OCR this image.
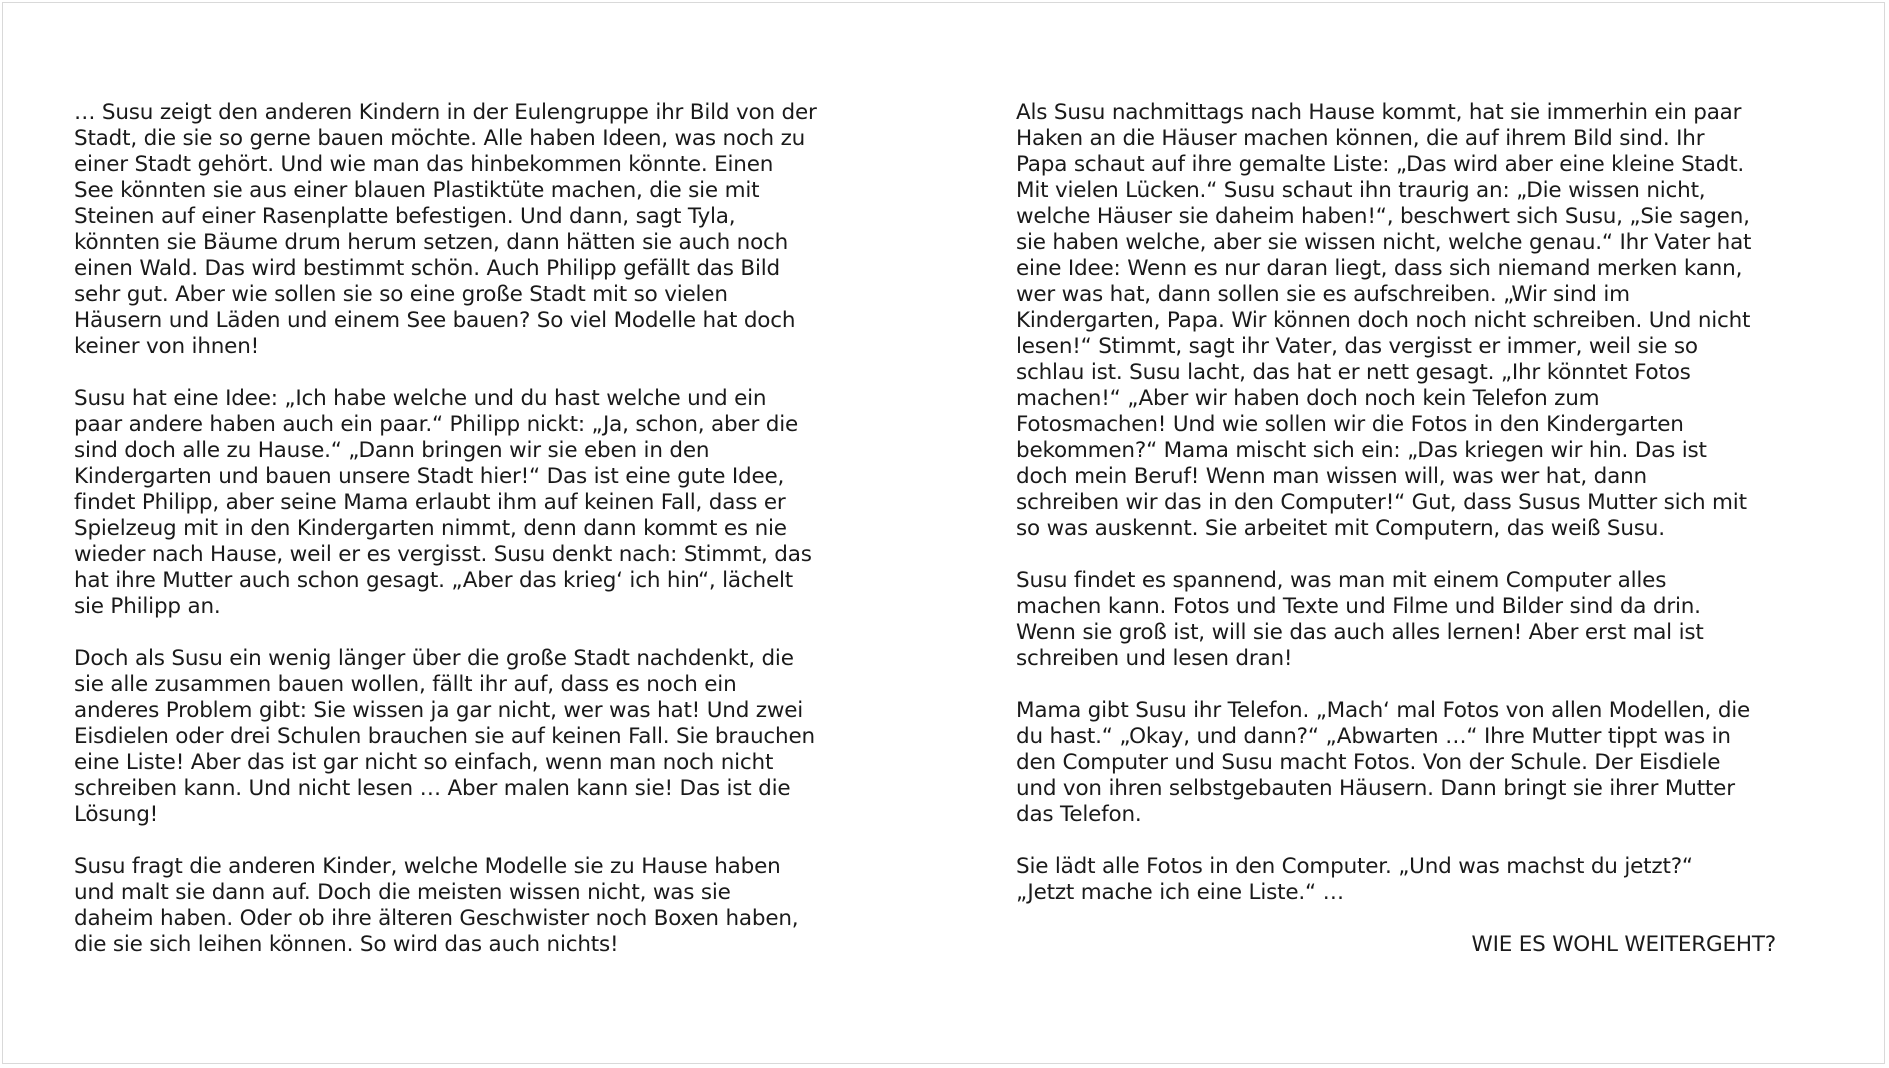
… Susu zeigt den anderen Kindern in der Eulengruppe ihr Bild von der
Stadt, die sie so gerne bauen möchte. Alle haben Ideen, was noch zu
einer Stadt gehört. Und wie man das hinbekommen könnte. Einen
See könnten sie aus einer blauen Plastiktüte machen, die sie mit
Steinen auf einer Rasenplatte befestigen. Und dann, sagt Tyla,
könnten sie Bäume drum herum setzen, dann hätten sie auch noch
einen Wald. Das wird bestimmt schön. Auch Philipp gefällt das Bild
sehr gut. Aber wie sollen sie so eine große Stadt mit so vielen
Häusern und Läden und einem See bauen? So viel Modelle hat doch
keiner von ihnen!

Susu hat eine Idee: „Ich habe welche und du hast welche und ein
paar andere haben auch ein paar.“ Philipp nickt: „Ja, schon, aber die
sind doch alle zu Hause.“ „Dann bringen wir sie eben in den
Kindergarten und bauen unsere Stadt hier!“ Das ist eine gute Idee,
findet Philipp, aber seine Mama erlaubt ihm auf keinen Fall, dass er
Spielzeug mit in den Kindergarten nimmt, denn dann kommt es nie
wieder nach Hause, weil er es vergisst. Susu denkt nach: Stimmt, das
hat ihre Mutter auch schon gesagt. „Aber das krieg‘ ich hin“, lächelt
sie Philipp an.

Doch als Susu ein wenig länger über die große Stadt nachdenkt, die
sie alle zusammen bauen wollen, fällt ihr auf, dass es noch ein
anderes Problem gibt: Sie wissen ja gar nicht, wer was hat! Und zwei
Eisdielen oder drei Schulen brauchen sie auf keinen Fall. Sie brauchen
eine Liste! Aber das ist gar nicht so einfach, wenn man noch nicht
schreiben kann. Und nicht lesen … Aber malen kann sie! Das ist die
Lösung!

Susu fragt die anderen Kinder, welche Modelle sie zu Hause haben
und malt sie dann auf. Doch die meisten wissen nicht, was sie
daheim haben. Oder ob ihre älteren Geschwister noch Boxen haben,
die sie sich leihen können. So wird das auch nichts!

Als Susu nachmittags nach Hause kommt, hat sie immerhin ein paar
Haken an die Häuser machen können, die auf ihrem Bild sind. Ihr
Papa schaut auf ihre gemalte Liste: „Das wird aber eine kleine Stadt.
Mit vielen Lücken.“ Susu schaut ihn traurig an: „Die wissen nicht,
welche Häuser sie daheim haben!“, beschwert sich Susu, „Sie sagen,
sie haben welche, aber sie wissen nicht, welche genau.“ Ihr Vater hat
eine Idee: Wenn es nur daran liegt, dass sich niemand merken kann,
wer was hat, dann sollen sie es aufschreiben. „Wir sind im
Kindergarten, Papa. Wir können doch noch nicht schreiben. Und nicht
lesen!“ Stimmt, sagt ihr Vater, das vergisst er immer, weil sie so
schlau ist. Susu lacht, das hat er nett gesagt. „Ihr könntet Fotos
machen!“ „Aber wir haben doch noch kein Telefon zum
Fotosmachen! Und wie sollen wir die Fotos in den Kindergarten
bekommen?“ Mama mischt sich ein: „Das kriegen wir hin. Das ist
doch mein Beruf! Wenn man wissen will, was wer hat, dann
schreiben wir das in den Computer!“ Gut, dass Susus Mutter sich mit
so was auskennt. Sie arbeitet mit Computern, das weiß Susu.

Susu findet es spannend, was man mit einem Computer alles
machen kann. Fotos und Texte und Filme und Bilder sind da drin.
Wenn sie groß ist, will sie das auch alles lernen! Aber erst mal ist
schreiben und lesen dran!

Mama gibt Susu ihr Telefon. „Mach‘ mal Fotos von allen Modellen, die
du hast.“ „Okay, und dann?“ „Abwarten …“ Ihre Mutter tippt was in
den Computer und Susu macht Fotos. Von der Schule. Der Eisdiele
und von ihren selbstgebauten Häusern. Dann bringt sie ihrer Mutter
das Telefon.

Sie lädt alle Fotos in den Computer. „Und was machst du jetzt?“
„Jetzt mache ich eine Liste.“ …

WIE ES WOHL WEITERGEHT?
